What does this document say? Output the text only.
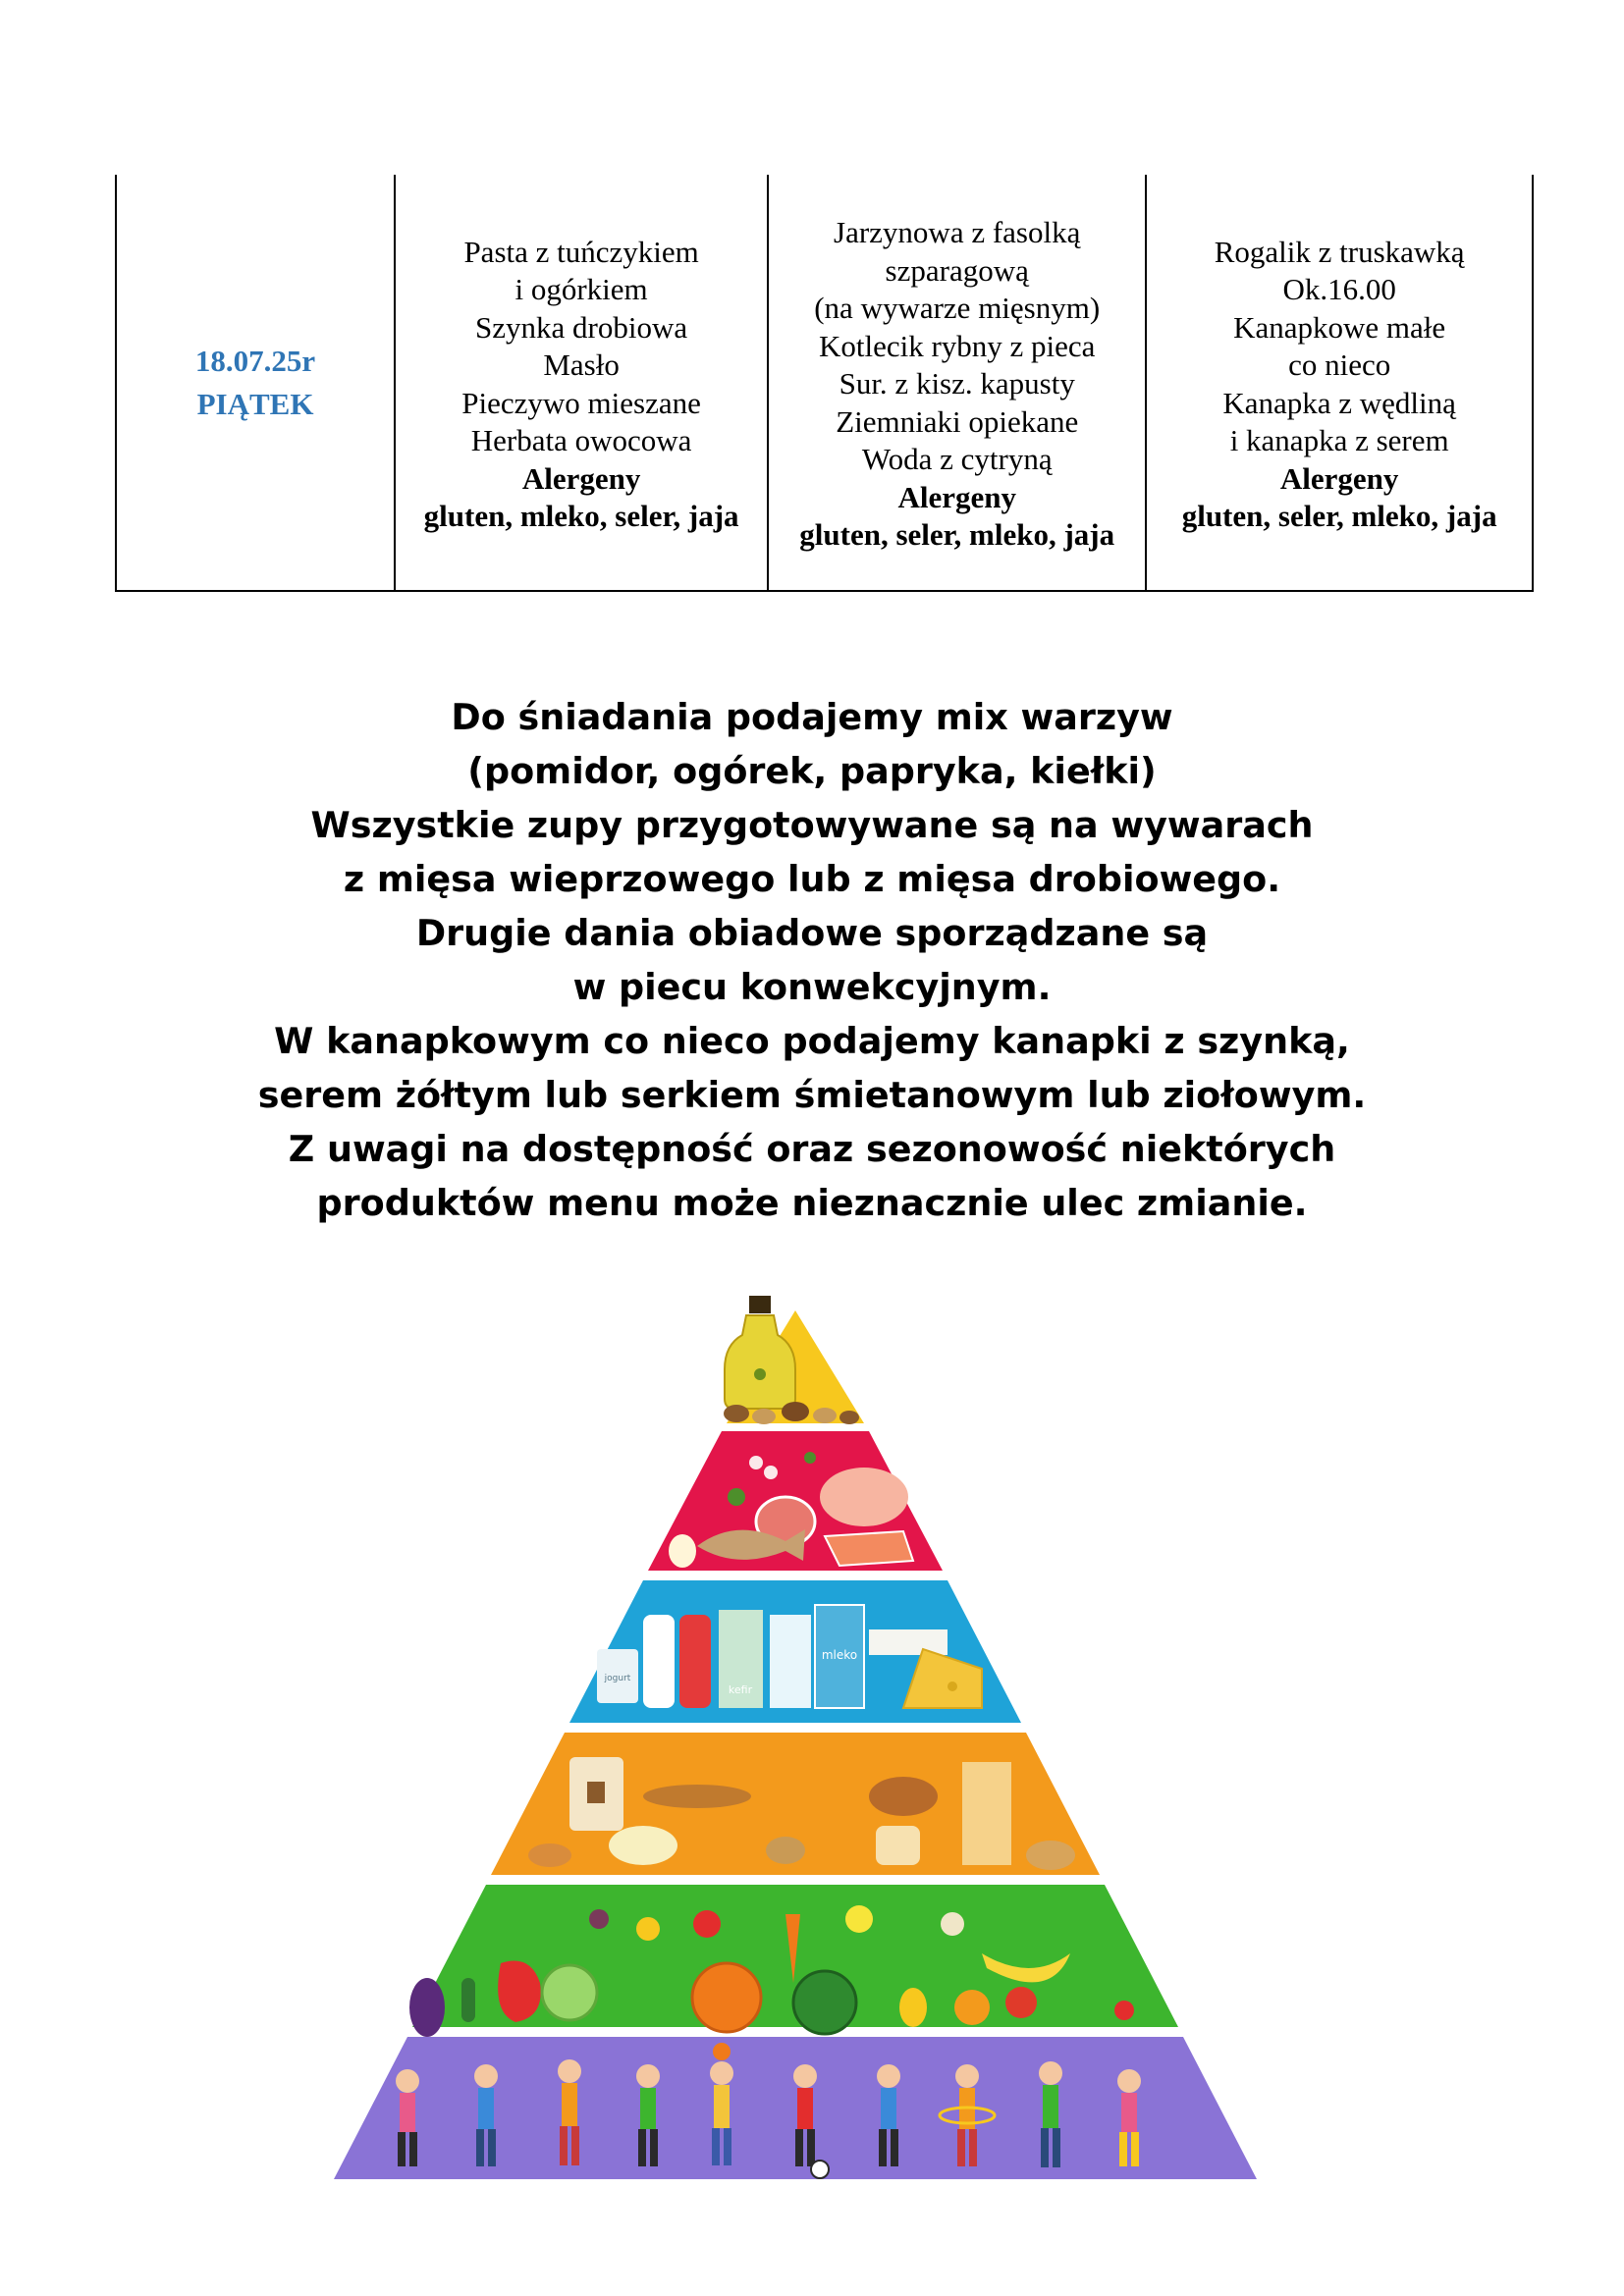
18.07.25r
PIĄTEK

Pasta z tuńczykiem
i ogórkiem
Szynka drobiowa
Masło
Pieczywo mieszane
Herbata owocowa
Alergeny
gluten, mleko, seler, jaja

Jarzynowa z fasolką
szparagową
(na wywarze mięsnym)
Kotlecik rybny z pieca
Sur. z kisz. kapusty
Ziemniaki opiekane
Woda z cytryną
Alergeny
gluten, seler, mleko, jaja

Rogalik z truskawką
Ok.16.00
Kanapkowe małe
co nieco
Kanapka z wędliną
i kanapka z serem
Alergeny
gluten, seler, mleko, jaja
Do śniadania podajemy mix warzyw
(pomidor, ogórek, papryka, kiełki)
Wszystkie zupy przygotowywane są na wywarach
z mięsa wieprzowego lub z mięsa drobiowego.
Drugie dania obiadowe sporządzane są
w piecu konwekcyjnym.
W kanapkowym co nieco podajemy kanapki z szynką,
serem żółtym lub serkiem śmietanowym lub ziołowym.
Z uwagi na dostępność oraz sezonowość niektórych
produktów menu może nieznacznie ulec zmianie.
jogurt
kefir
mleko
